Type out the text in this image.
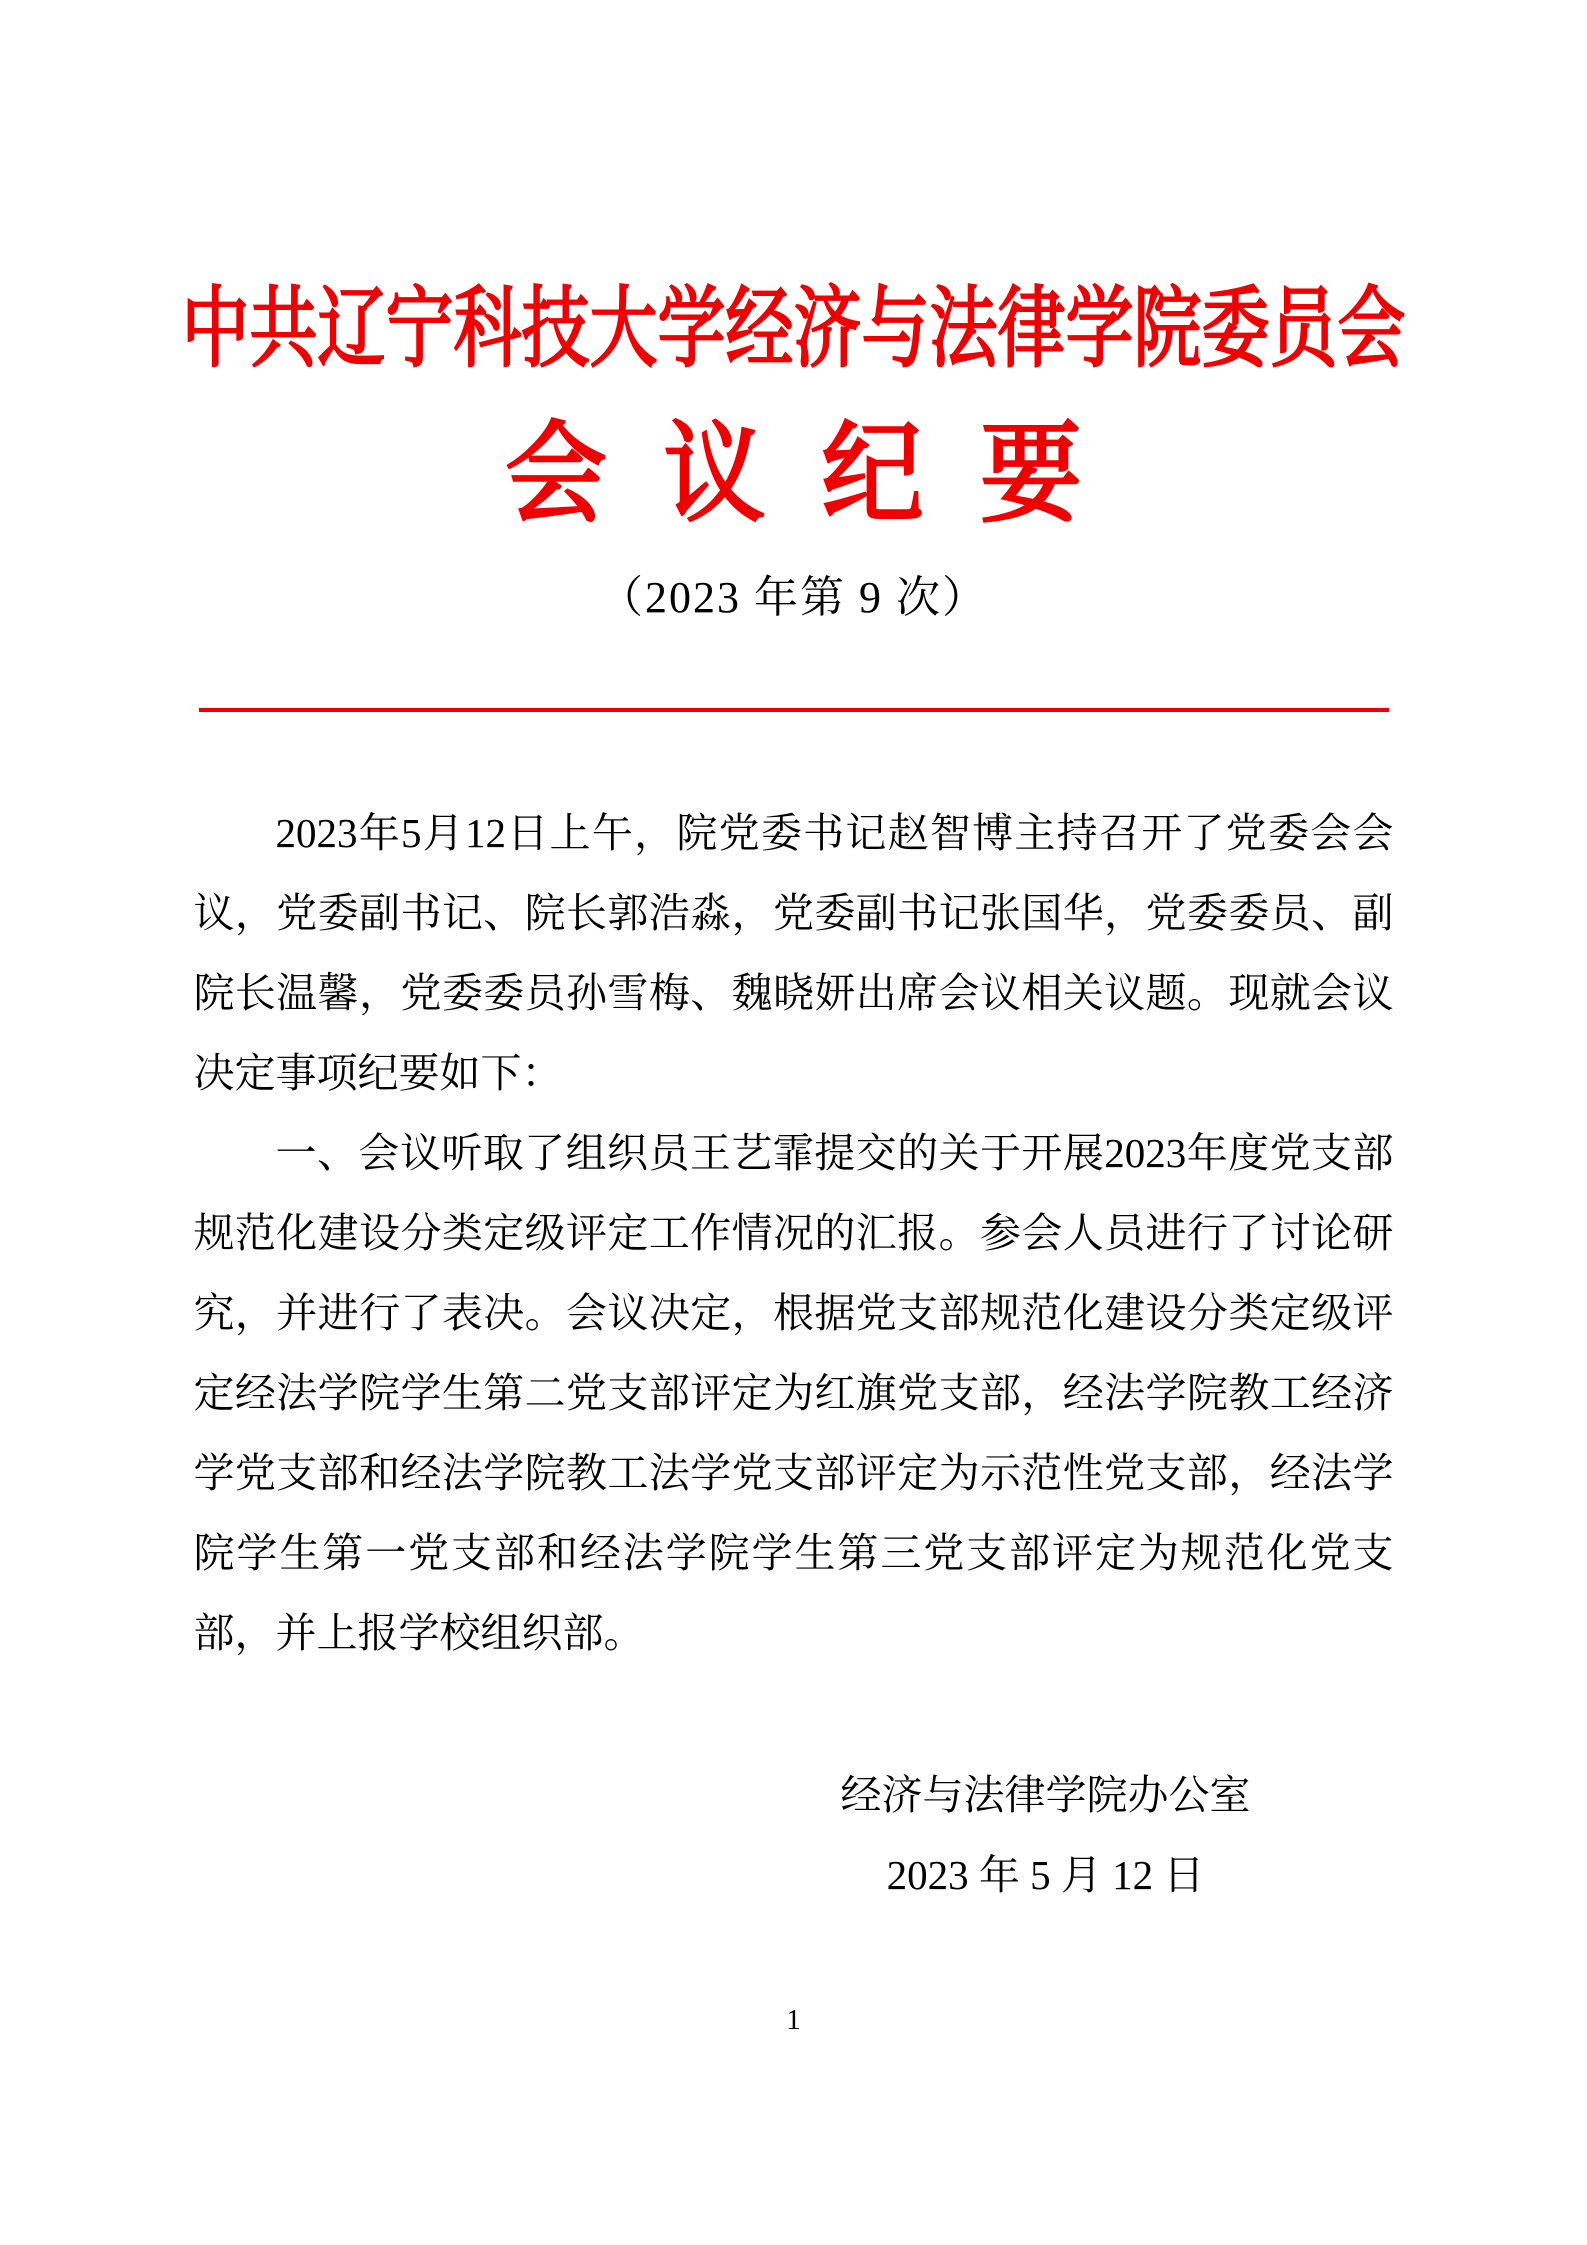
中共辽宁科技大学经济与法律学院委员会
会 议 纪 要
（2023 年第 9 次）

2023年5月12日上午，院党委书记赵智博主持召开了党委会会议，党委副书记、院长郭浩淼，党委副书记张国华，党委委员、副院长温馨，党委委员孙雪梅、魏晓妍出席会议相关议题。现就会议决定事项纪要如下：

一、会议听取了组织员王艺霏提交的关于开展2023年度党支部规范化建设分类定级评定工作情况的汇报。参会人员进行了讨论研究，并进行了表决。会议决定，根据党支部规范化建设分类定级评定经法学院学生第二党支部评定为红旗党支部，经法学院教工经济学党支部和经法学院教工法学党支部评定为示范性党支部，经法学院学生第一党支部和经法学院学生第三党支部评定为规范化党支部，并上报学校组织部。

经济与法律学院办公室
2023 年 5 月 12 日
1
